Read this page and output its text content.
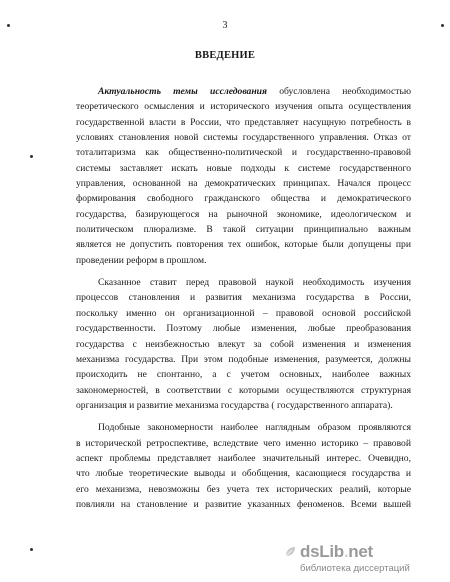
3
ВВЕДЕНИЕ
Актуальность темы исследования обусловлена необходимостью
теоретического осмысления и исторического изучения опыта осуществления
государственной власти в России, что представляет насущную потребность в
условиях становления новой системы государственного управления. Отказ от
тоталитаризма как общественно-политической и государственно-правовой
системы заставляет искать новые подходы к системе государственного
управления, основанной на демократических принципах. Начался процесс
формирования свободного гражданского общества и демократического
государства, базирующегося на рыночной экономике, идеологическом и
политическом плюрализме. В такой ситуации принципиально важным
является не допустить повторения тех ошибок, которые были допущены при
проведении реформ в прошлом.
Сказанное ставит перед правовой наукой необходимость изучения
процессов становления и развития механизма государства в России,
поскольку именно он организационной – правовой основой российской
государственности. Поэтому любые изменения, любые преобразования
государства с неизбежностью влекут за собой изменения и изменения
механизма государства. При этом подобные изменения, разумеется, должны
происходить не спонтанно, а с учетом основных, наиболее важных
закономерностей, в соответствии с которыми осуществляются структурная
организация и развитие механизма государства ( государственного аппарата).
Подобные закономерности наиболее наглядным образом проявляются
в исторической ретроспективе, вследствие чего именно историко – правовой
аспект проблемы представляет наиболее значительный интерес. Очевидно,
что любые теоретические выводы и обобщения, касающиеся государства и
его механизма, невозможны без учета тех исторических реалий, которые
повлияли на становление и развитие указанных феноменов. Всеми вышей
dsLib.net
библиотека диссертаций
